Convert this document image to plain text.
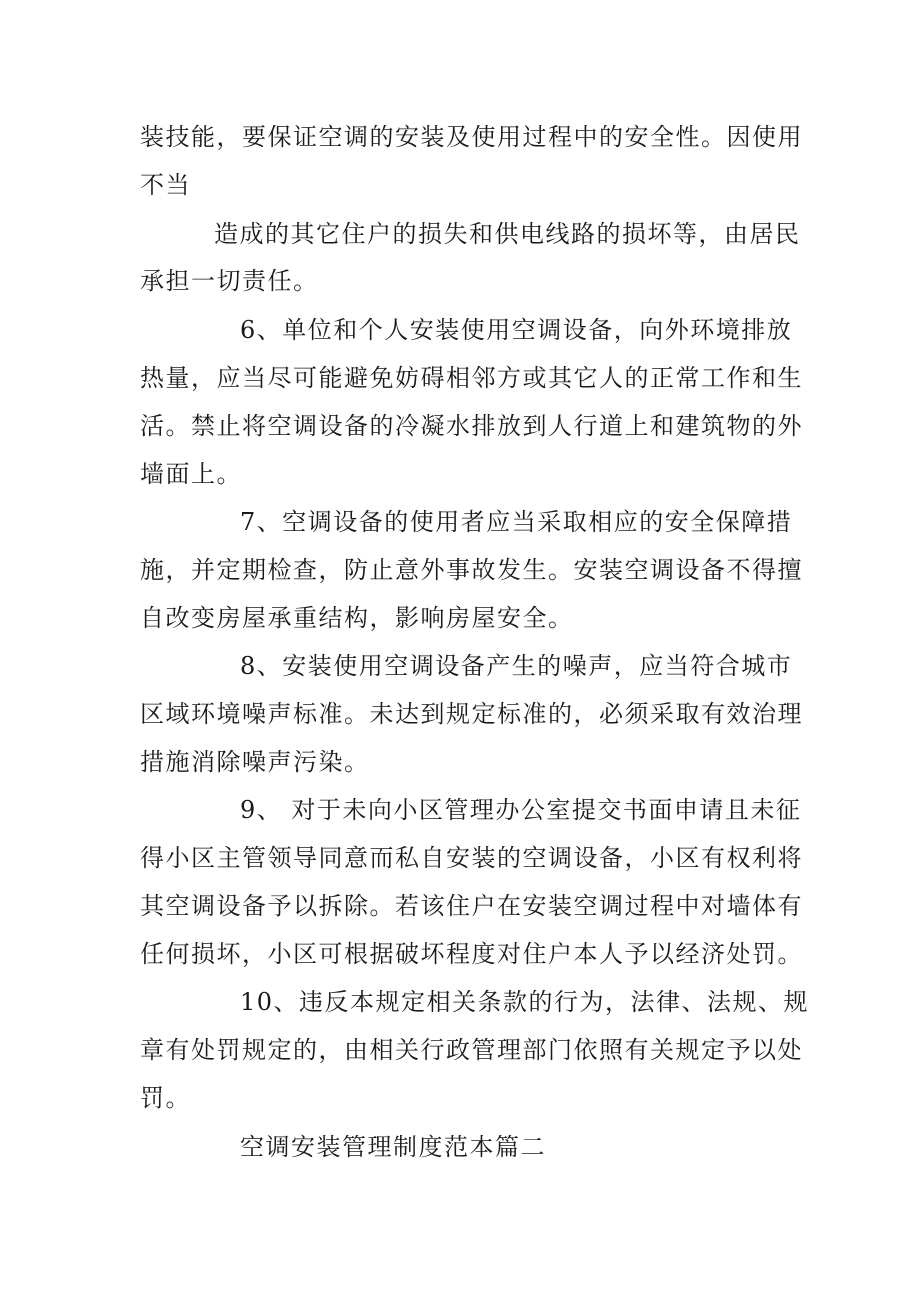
装技能，要保证空调的安装及使用过程中的安全性。因使用

不当

造成的其它住户的损失和供电线路的损坏等，由居民

承担一切责任。

6、单位和个人安装使用空调设备，向外环境排放

热量，应当尽可能避免妨碍相邻方或其它人的正常工作和生

活。禁止将空调设备的冷凝水排放到人行道上和建筑物的外

墙面上。

7、空调设备的使用者应当采取相应的安全保障措

施，并定期检查，防止意外事故发生。安装空调设备不得擅

自改变房屋承重结构，影响房屋安全。

8、安装使用空调设备产生的噪声，应当符合城市

区域环境噪声标准。未达到规定标准的，必须采取有效治理

措施消除噪声污染。

9、 对于未向小区管理办公室提交书面申请且未征

得小区主管领导同意而私自安装的空调设备，小区有权利将

其空调设备予以拆除。若该住户在安装空调过程中对墙体有

任何损坏，小区可根据破坏程度对住户本人予以经济处罚。

10、违反本规定相关条款的行为，法律、法规、规

章有处罚规定的，由相关行政管理部门依照有关规定予以处

罚。

空调安装管理制度范本篇二
